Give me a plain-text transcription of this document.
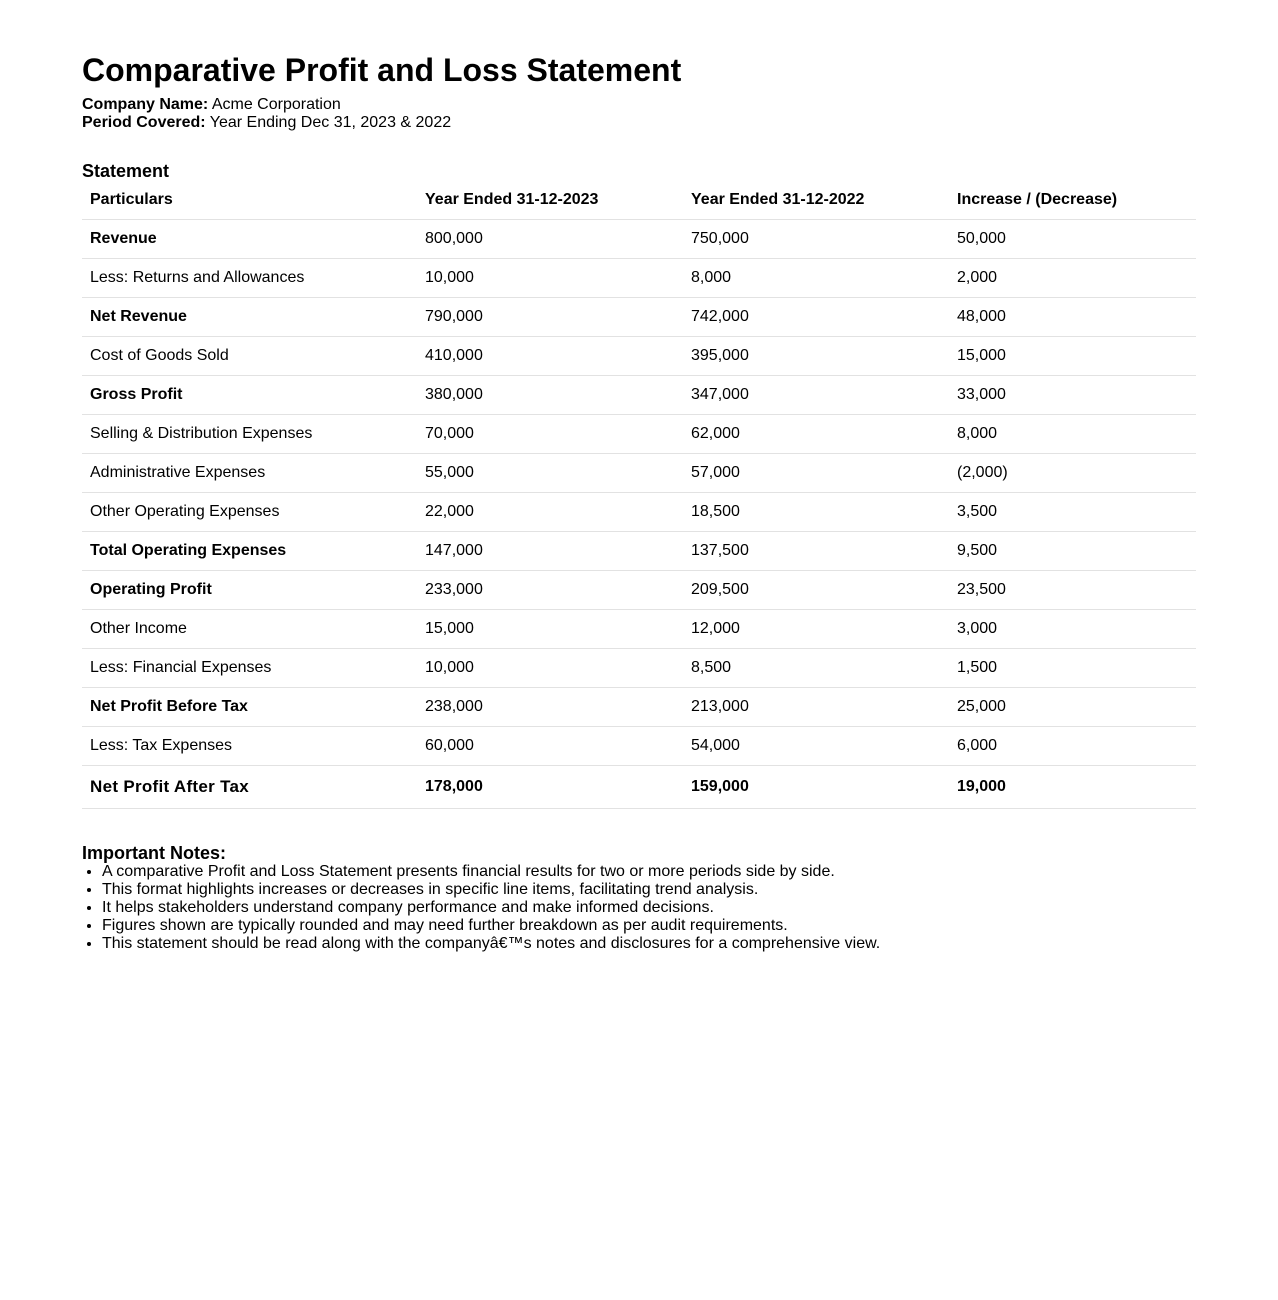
Comparative Profit and Loss Statement
Company Name: Acme Corporation
Period Covered: Year Ending Dec 31, 2023 & 2022
Statement
Particulars	Year Ended 31-12-2023	Year Ended 31-12-2022	Increase / (Decrease)
Revenue	800,000	750,000	50,000
Less: Returns and Allowances	10,000	8,000	2,000
Net Revenue	790,000	742,000	48,000
Cost of Goods Sold	410,000	395,000	15,000
Gross Profit	380,000	347,000	33,000
Selling & Distribution Expenses	70,000	62,000	8,000
Administrative Expenses	55,000	57,000	(2,000)
Other Operating Expenses	22,000	18,500	3,500
Total Operating Expenses	147,000	137,500	9,500
Operating Profit	233,000	209,500	23,500
Other Income	15,000	12,000	3,000
Less: Financial Expenses	10,000	8,500	1,500
Net Profit Before Tax	238,000	213,000	25,000
Less: Tax Expenses	60,000	54,000	6,000
Net Profit After Tax	178,000	159,000	19,000
Important Notes:
• A comparative Profit and Loss Statement presents financial results for two or more periods side by side.
• This format highlights increases or decreases in specific line items, facilitating trend analysis.
• It helps stakeholders understand company performance and make informed decisions.
• Figures shown are typically rounded and may need further breakdown as per audit requirements.
• This statement should be read along with the companyâ€™s notes and disclosures for a comprehensive view.
